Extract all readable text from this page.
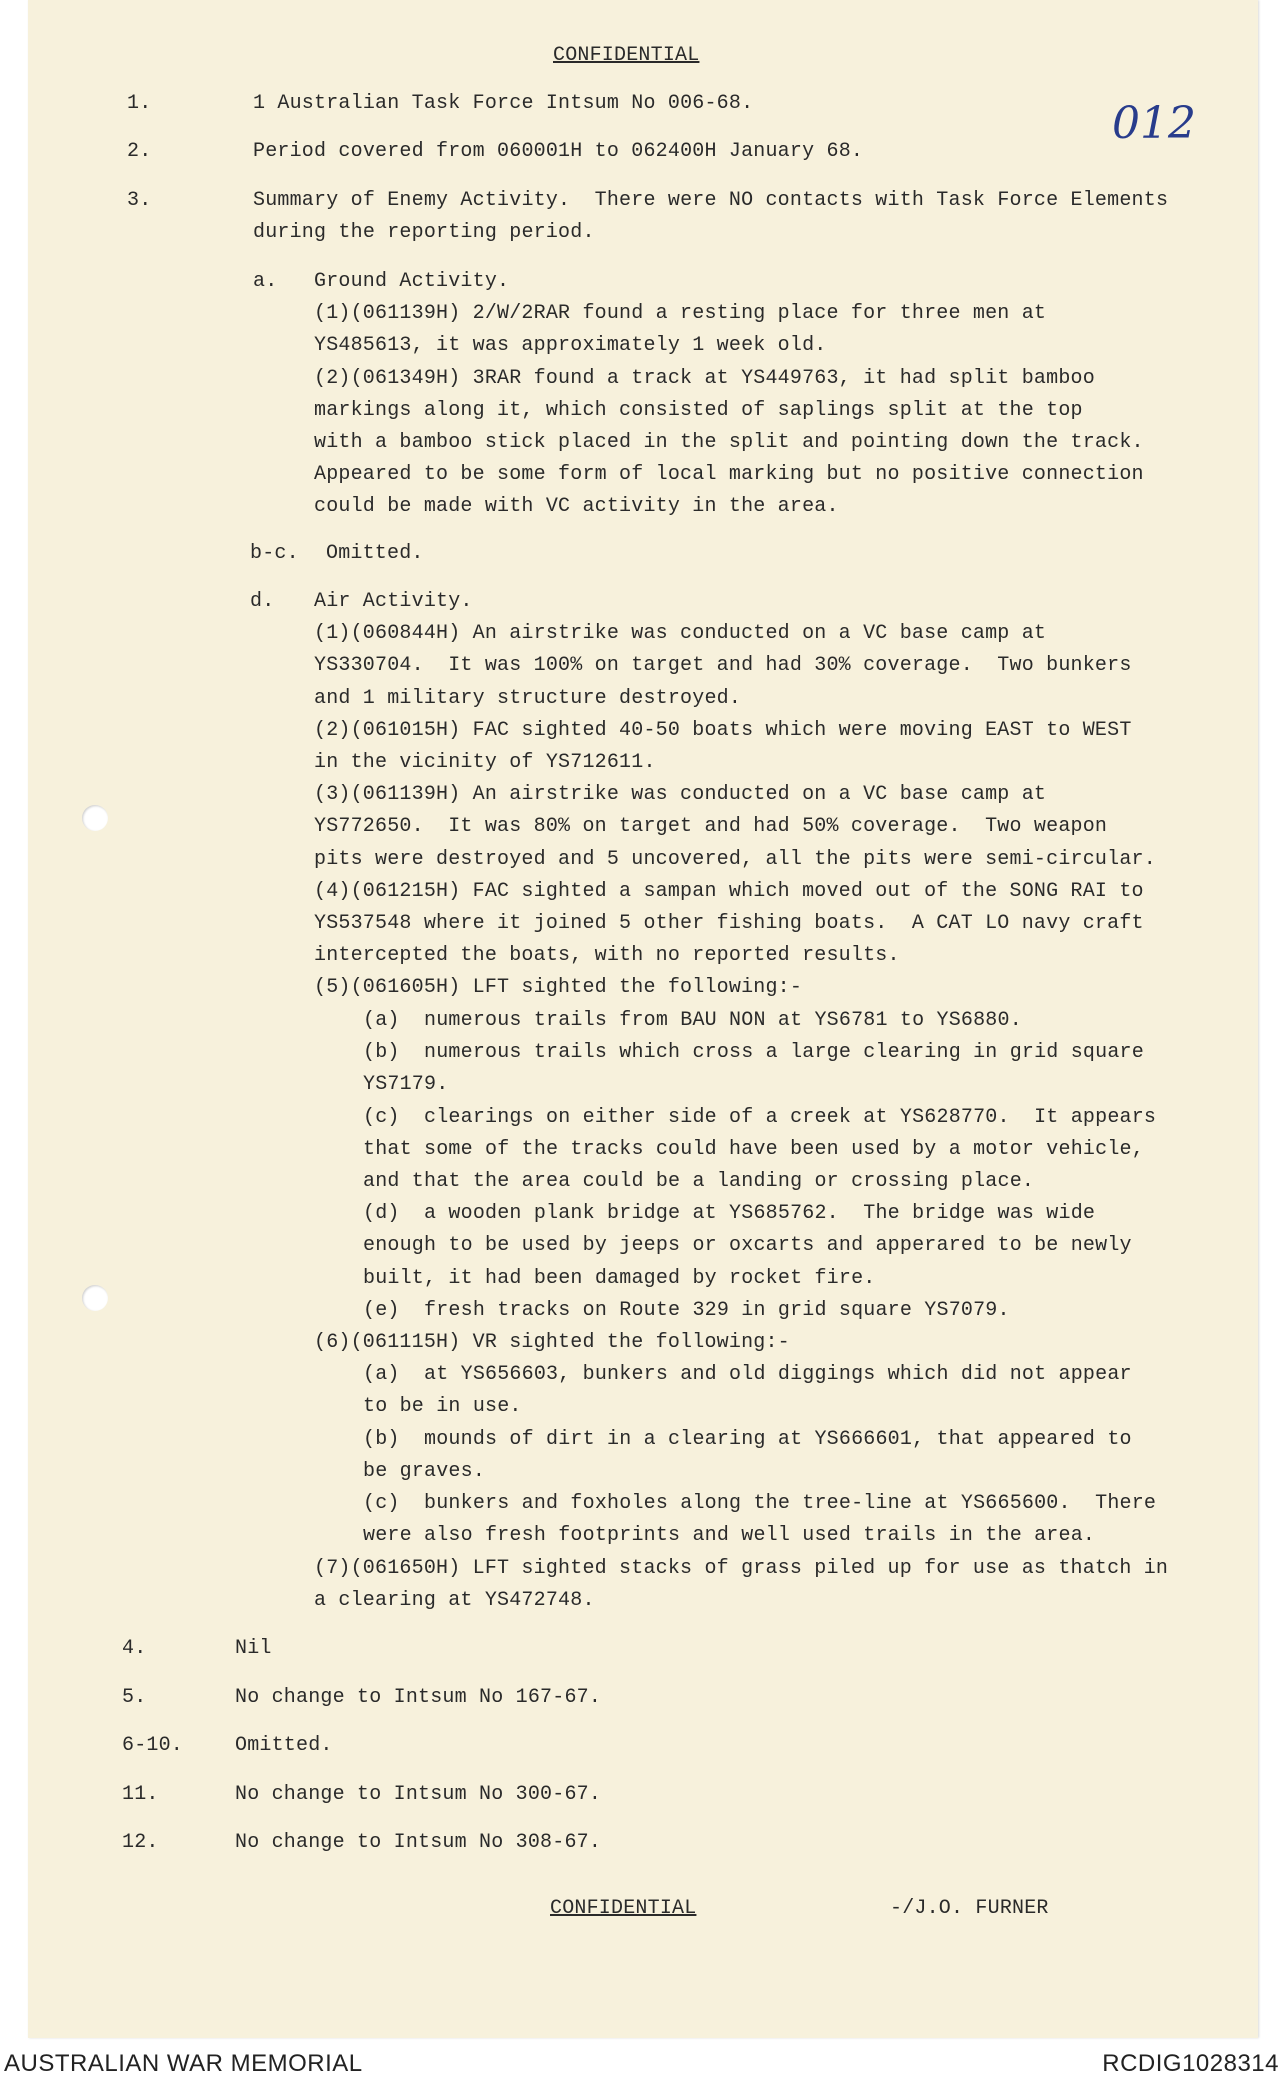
CONFIDENTIAL
012
1.	1 Australian Task Force Intsum No 006-68.
2.	Period covered from 060001H to 062400H January 68.
3.	Summary of Enemy Activity.  There were NO contacts with Task Force Elements
during the reporting period.
a. Ground Activity.
(1)(061139H) 2/W/2RAR found a resting place for three men at
YS485613, it was approximately 1 week old.
(2)(061349H) 3RAR found a track at YS449763, it had split bamboo
markings along it, which consisted of saplings split at the top
with a bamboo stick placed in the split and pointing down the track.
Appeared to be some form of local marking but no positive connection
could be made with VC activity in the area.
b-c. Omitted.
d. Air Activity.
(1)(060844H) An airstrike was conducted on a VC base camp at
YS330704.  It was 100% on target and had 30% coverage.  Two bunkers
and 1 military structure destroyed.
(2)(061015H) FAC sighted 40-50 boats which were moving EAST to WEST
in the vicinity of YS712611.
(3)(061139H) An airstrike was conducted on a VC base camp at
YS772650.  It was 80% on target and had 50% coverage.  Two weapon
pits were destroyed and 5 uncovered, all the pits were semi-circular.
(4)(061215H) FAC sighted a sampan which moved out of the SONG RAI to
YS537548 where it joined 5 other fishing boats.  A CAT LO navy craft
intercepted the boats, with no reported results.
(5)(061605H) LFT sighted the following:-
(a)  numerous trails from BAU NON at YS6781 to YS6880.
(b)  numerous trails which cross a large clearing in grid square
YS7179.
(c)  clearings on either side of a creek at YS628770.  It appears
that some of the tracks could have been used by a motor vehicle,
and that the area could be a landing or crossing place.
(d)  a wooden plank bridge at YS685762.  The bridge was wide
enough to be used by jeeps or oxcarts and apperared to be newly
built, it had been damaged by rocket fire.
(e)  fresh tracks on Route 329 in grid square YS7079.
(6)(061115H) VR sighted the following:-
(a)  at YS656603, bunkers and old diggings which did not appear
to be in use.
(b)  mounds of dirt in a clearing at YS666601, that appeared to
be graves.
(c)  bunkers and foxholes along the tree-line at YS665600.  There
were also fresh footprints and well used trails in the area.
(7)(061650H) LFT sighted stacks of grass piled up for use as thatch in
a clearing at YS472748.
4.	Nil
5.	No change to Intsum No 167-67.
6-10.	Omitted.
11.	No change to Intsum No 300-67.
12.	No change to Intsum No 308-67.
CONFIDENTIAL	-/J.O. FURNER
AUSTRALIAN WAR MEMORIAL	RCDIG1028314
